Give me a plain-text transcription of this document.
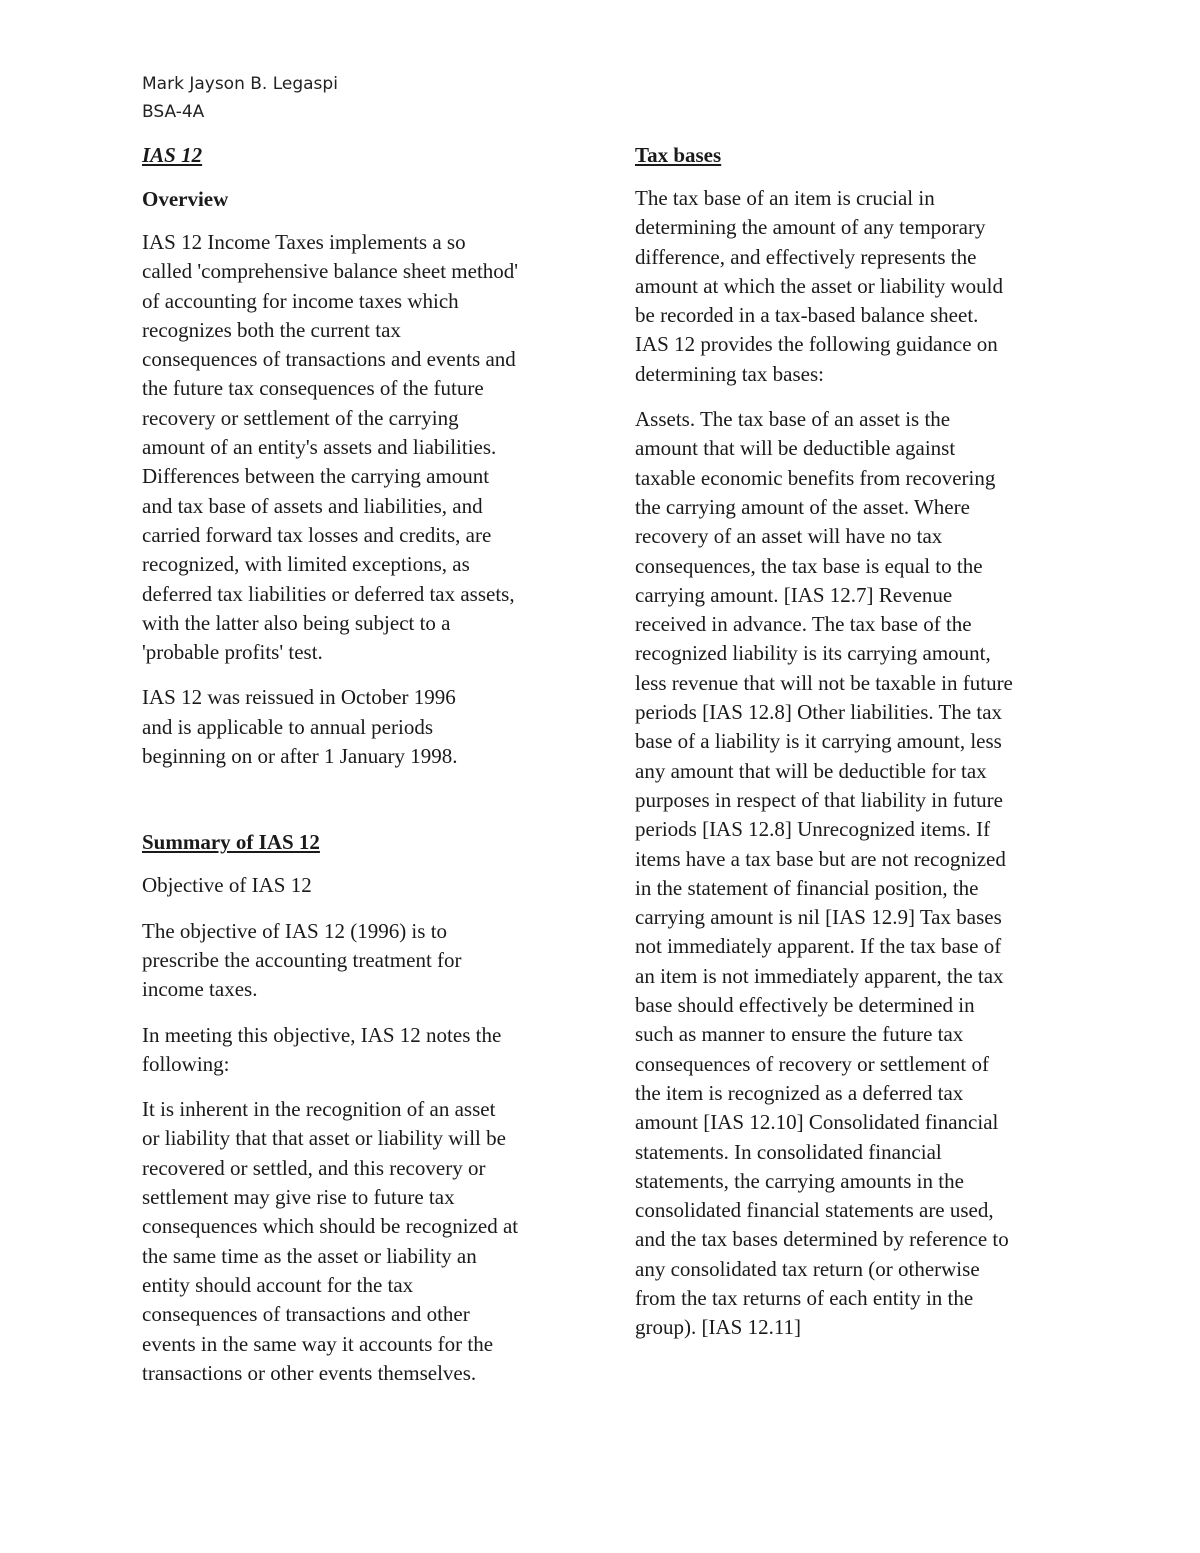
Mark Jayson B. Legaspi
BSA-4A
IAS 12
Overview
IAS 12 Income Taxes implements a so
called 'comprehensive balance sheet method'
of accounting for income taxes which
recognizes both the current tax
consequences of transactions and events and
the future tax consequences of the future
recovery or settlement of the carrying
amount of an entity's assets and liabilities.
Differences between the carrying amount
and tax base of assets and liabilities, and
carried forward tax losses and credits, are
recognized, with limited exceptions, as
deferred tax liabilities or deferred tax assets,
with the latter also being subject to a
'probable profits' test.
IAS 12 was reissued in October 1996
and is applicable to annual periods
beginning on or after 1 January 1998.
Summary of IAS 12
Objective of IAS 12
The objective of IAS 12 (1996) is to
prescribe the accounting treatment for
income taxes.
In meeting this objective, IAS 12 notes the
following:
It is inherent in the recognition of an asset
or liability that that asset or liability will be
recovered or settled, and this recovery or
settlement may give rise to future tax
consequences which should be recognized at
the same time as the asset or liability an
entity should account for the tax
consequences of transactions and other
events in the same way it accounts for the
transactions or other events themselves.
Tax bases
The tax base of an item is crucial in
determining the amount of any temporary
difference, and effectively represents the
amount at which the asset or liability would
be recorded in a tax-based balance sheet.
IAS 12 provides the following guidance on
determining tax bases:
Assets. The tax base of an asset is the
amount that will be deductible against
taxable economic benefits from recovering
the carrying amount of the asset. Where
recovery of an asset will have no tax
consequences, the tax base is equal to the
carrying amount. [IAS 12.7] Revenue
received in advance. The tax base of the
recognized liability is its carrying amount,
less revenue that will not be taxable in future
periods [IAS 12.8] Other liabilities. The tax
base of a liability is it carrying amount, less
any amount that will be deductible for tax
purposes in respect of that liability in future
periods [IAS 12.8] Unrecognized items. If
items have a tax base but are not recognized
in the statement of financial position, the
carrying amount is nil [IAS 12.9] Tax bases
not immediately apparent. If the tax base of
an item is not immediately apparent, the tax
base should effectively be determined in
such as manner to ensure the future tax
consequences of recovery or settlement of
the item is recognized as a deferred tax
amount [IAS 12.10] Consolidated financial
statements. In consolidated financial
statements, the carrying amounts in the
consolidated financial statements are used,
and the tax bases determined by reference to
any consolidated tax return (or otherwise
from the tax returns of each entity in the
group). [IAS 12.11]
